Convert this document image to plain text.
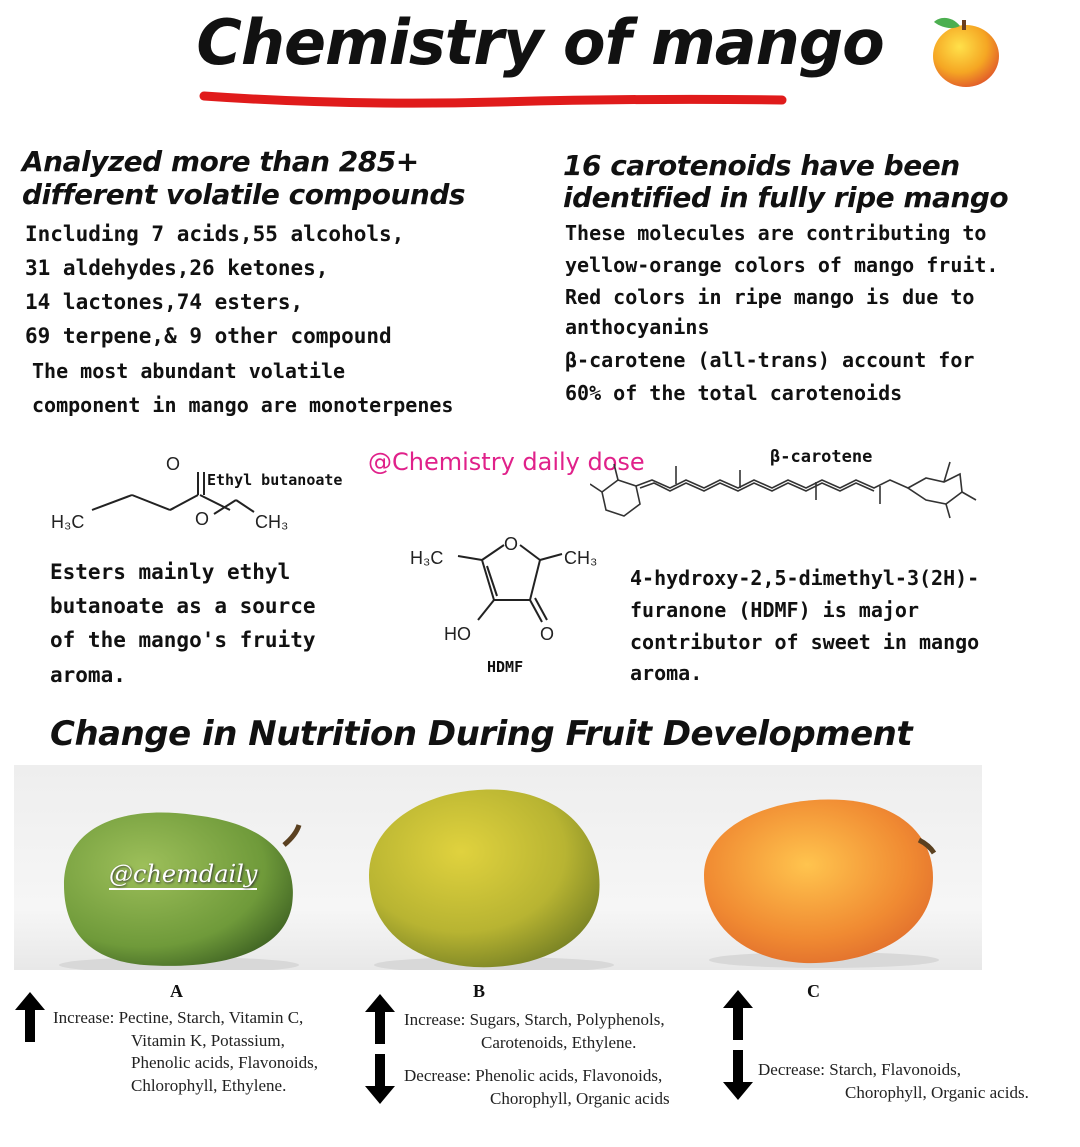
Chemistry of mango
Analyzed more than 285+
different volatile compounds
Including 7 acids,55 alcohols,
31 aldehydes,26 ketones,
14 lactones,74 esters,
69 terpene,& 9 other compound
The most abundant volatile
component in mango are monoterpenes
16 carotenoids have been
identified in fully ripe mango
These molecules are contributing to
yellow-orange colors of mango fruit.
Red colors in ripe mango is due to
anthocyanins
β-carotene (all-trans) account for
60% of the total carotenoids
O
O
H₃C	CH₃
Ethyl butanoate
@Chemistry daily dose	β-carotene
O
H₃C	CH₃
HO	O
HDMF
Esters mainly ethyl
butanoate as a source
of the mango's fruity
aroma.
4-hydroxy-2,5-dimethyl-3(2H)-
furanone (HDMF) is major
contributor of sweet in mango
aroma.
Change in Nutrition During Fruit Development
@chemdaily
A
Increase: Pectine, Starch, Vitamin C,
Vitamin K, Potassium,
Phenolic acids, Flavonoids,
Chlorophyll, Ethylene.
B
Increase: Sugars, Starch, Polyphenols,
Carotenoids, Ethylene.
Decrease: Phenolic acids, Flavonoids,
Chorophyll, Organic acids
C
Decrease: Starch, Flavonoids,
Chorophyll, Organic acids.
